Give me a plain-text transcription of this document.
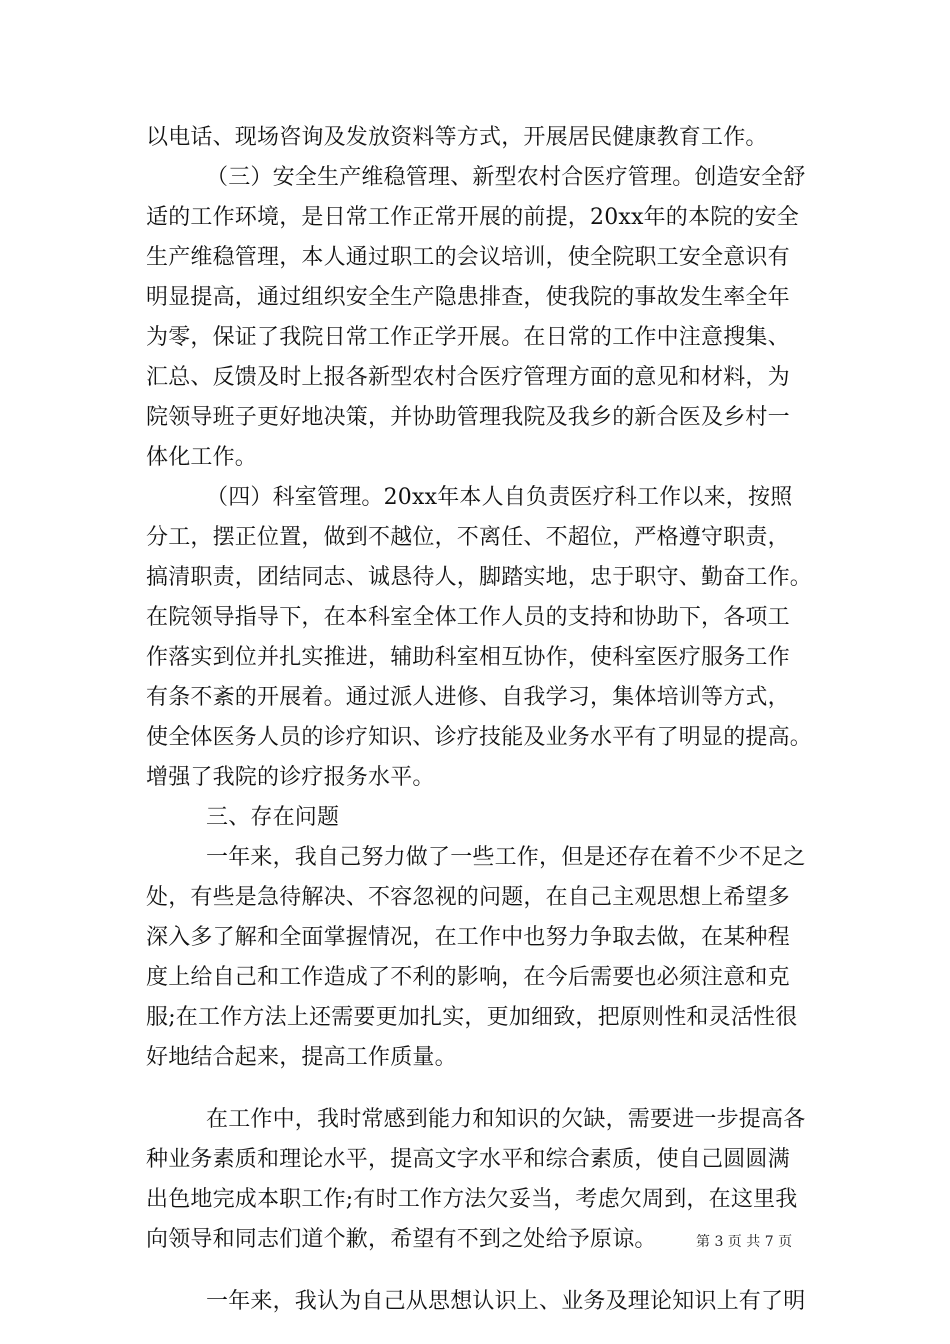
以电话、现场咨询及发放资料等方式，开展居民健康教育工作。
（三）安全生产维稳管理、新型农村合医疗管理。创造安全舒
适的工作环境，是日常工作正常开展的前提，20xx年的本院的安全
生产维稳管理，本人通过职工的会议培训，使全院职工安全意识有
明显提高，通过组织安全生产隐患排查，使我院的事故发生率全年
为零，保证了我院日常工作正学开展。在日常的工作中注意搜集、
汇总、反馈及时上报各新型农村合医疗管理方面的意见和材料，为
院领导班子更好地决策，并协助管理我院及我乡的新合医及乡村一
体化工作。
（四）科室管理。20xx年本人自负责医疗科工作以来，按照
分工，摆正位置，做到不越位，不离任、不超位，严格遵守职责，
搞清职责，团结同志、诚恳待人，脚踏实地，忠于职守、勤奋工作。
在院领导指导下，在本科室全体工作人员的支持和协助下，各项工
作落实到位并扎实推进，辅助科室相互协作，使科室医疗服务工作
有条不紊的开展着。通过派人进修、自我学习，集体培训等方式，
使全体医务人员的诊疗知识、诊疗技能及业务水平有了明显的提高。
增强了我院的诊疗报务水平。
三、存在问题
一年来，我自己努力做了一些工作，但是还存在着不少不足之
处，有些是急待解决、不容忽视的问题，在自己主观思想上希望多
深入多了解和全面掌握情况，在工作中也努力争取去做，在某种程
度上给自己和工作造成了不利的影响，在今后需要也必须注意和克
服;在工作方法上还需要更加扎实，更加细致，把原则性和灵活性很
好地结合起来，提高工作质量。
在工作中，我时常感到能力和知识的欠缺，需要进一步提高各
种业务素质和理论水平，提高文字水平和综合素质，使自己圆圆满
出色地完成本职工作;有时工作方法欠妥当，考虑欠周到，在这里我
向领导和同志们道个歉，希望有不到之处给予原谅。
一年来，我认为自己从思想认识上、业务及理论知识上有了明
第 3 页 共 7 页
